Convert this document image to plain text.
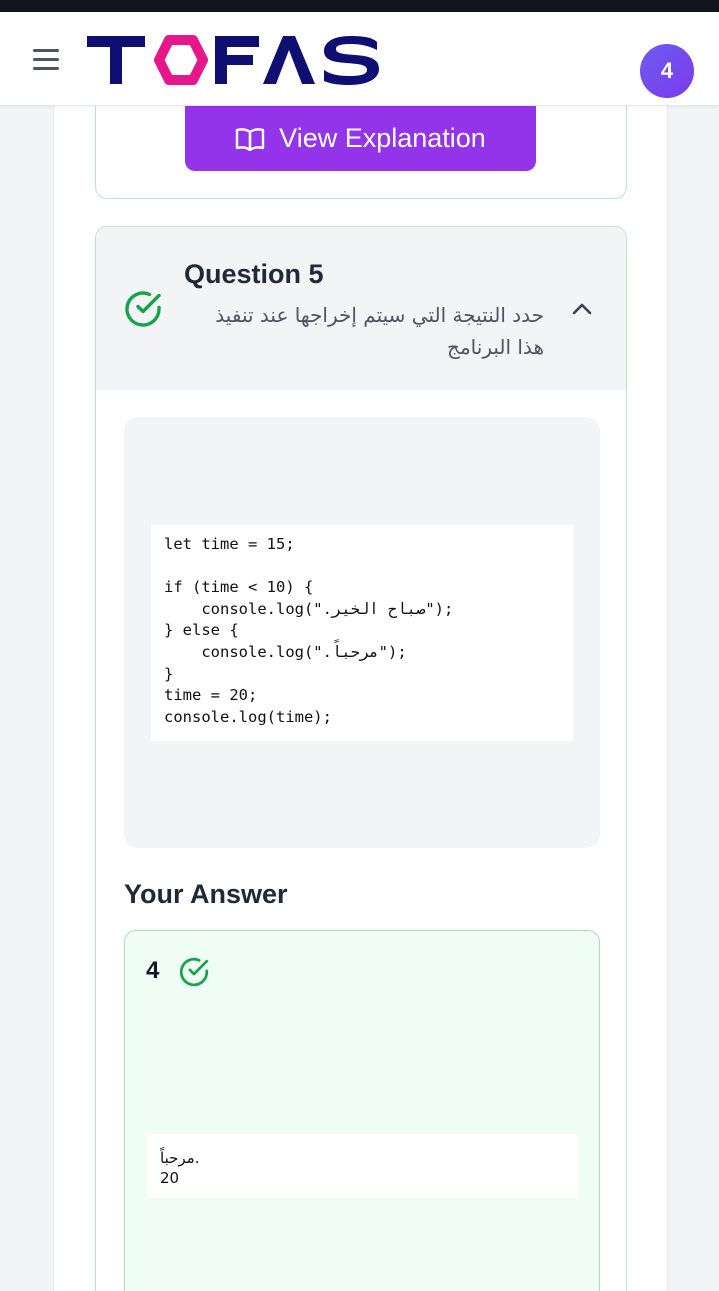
4
View Explanation
Question 5
حدد النتيجة التي سيتم إخراجها عند تنفيذ هذا البرنامج
let time = 15;

if (time < 10) {
console.log(".صباح الخير");
} else {
console.log(".مرحباً");
}
time = 20;
console.log(time);
Your Answer
4
مرحباً.
20
